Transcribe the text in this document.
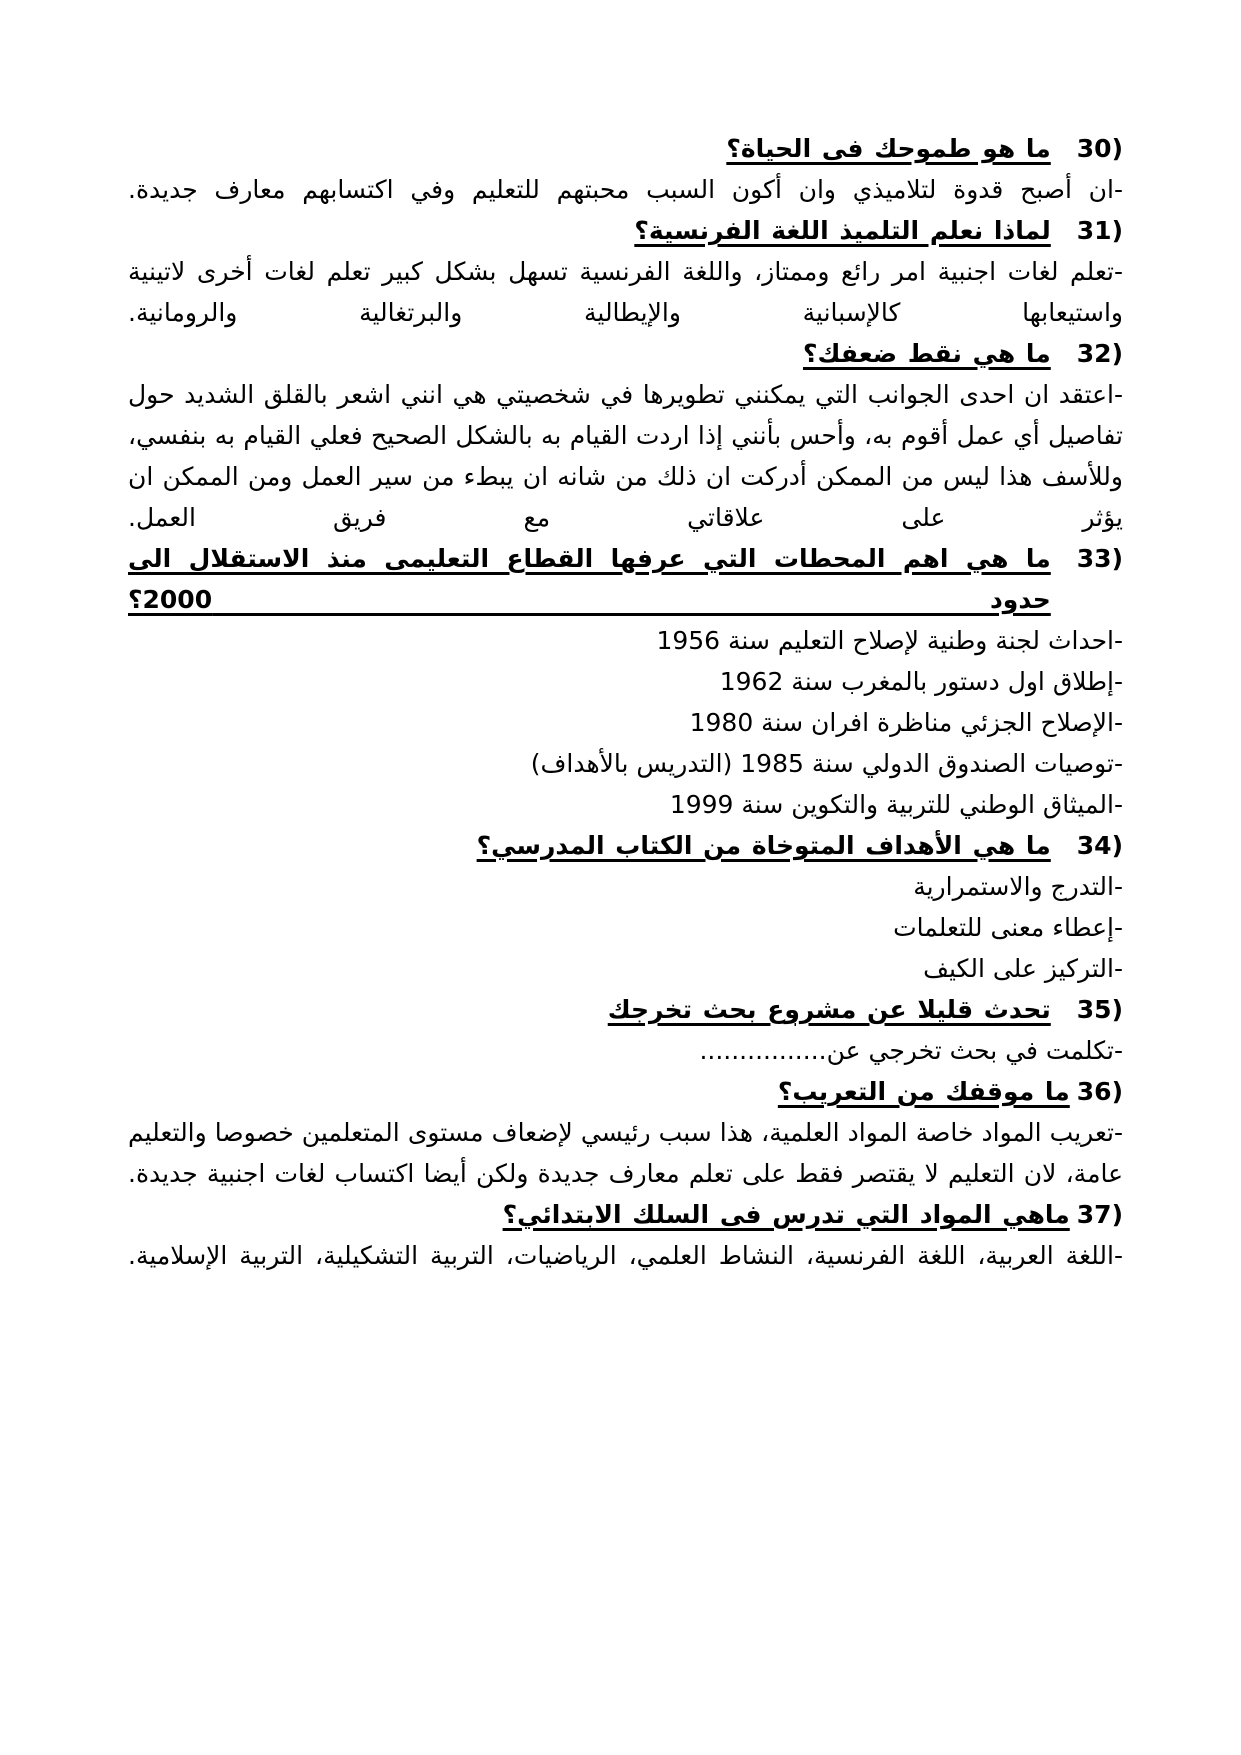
30)
ما هو طموحك فى الحياة؟

-ان أصبح قدوة لتلاميذي وان أكون السبب محبتهم للتعليم وفي اكتسابهم معارف جديدة.

31)
لماذا نعلم التلميذ اللغة الفرنسية؟

-تعلم لغات اجنبية امر رائع وممتاز، واللغة الفرنسية تسهل بشكل كبير تعلم لغات أخرى لاتينية واستيعابها كالإسبانية والإيطالية والبرتغالية والرومانية.

32)
ما هي نقط ضعفك؟

-اعتقد ان احدى الجوانب التي يمكنني تطويرها في شخصيتي هي انني اشعر بالقلق الشديد حول تفاصيل أي عمل أقوم به، وأحس بأنني إذا اردت القيام به بالشكل الصحيح فعلي القيام به بنفسي، وللأسف هذا ليس من الممكن أدركت ان ذلك من شانه ان يبطء من سير العمل ومن الممكن ان يؤثر على علاقاتي مع فريق العمل.

33)
ما هي اهم المحطات التي عرفها القطاع التعليمى منذ الاستقلال الى حدود 2000؟

-احداث لجنة وطنية لإصلاح التعليم سنة 1956

-إطلاق اول دستور بالمغرب سنة 1962

-الإصلاح الجزئي مناظرة افران سنة 1980

-توصيات الصندوق الدولي سنة 1985 (التدريس بالأهداف)

-الميثاق الوطني للتربية والتكوين سنة 1999

34)
ما هي الأهداف المتوخاة من الكتاب المدرسي؟

-التدرج والاستمرارية

-إعطاء معنى للتعلمات

-التركيز على الكيف

35)
تحدث قليلا عن مشروع بحث تخرجك

-تكلمت في بحث تخرجي عن................

36)
ما موقفك من التعريب؟

-تعريب المواد خاصة المواد العلمية، هذا سبب رئيسي لإضعاف مستوى المتعلمين خصوصا والتعليم عامة، لان التعليم لا يقتصر فقط على تعلم معارف جديدة ولكن أيضا اكتساب لغات اجنبية جديدة.

37)
ماهي المواد التي تدرس فى السلك الابتدائي؟

-اللغة العربية، اللغة الفرنسية، النشاط العلمي، الرياضيات، التربية التشكيلية، التربية الإسلامية.
